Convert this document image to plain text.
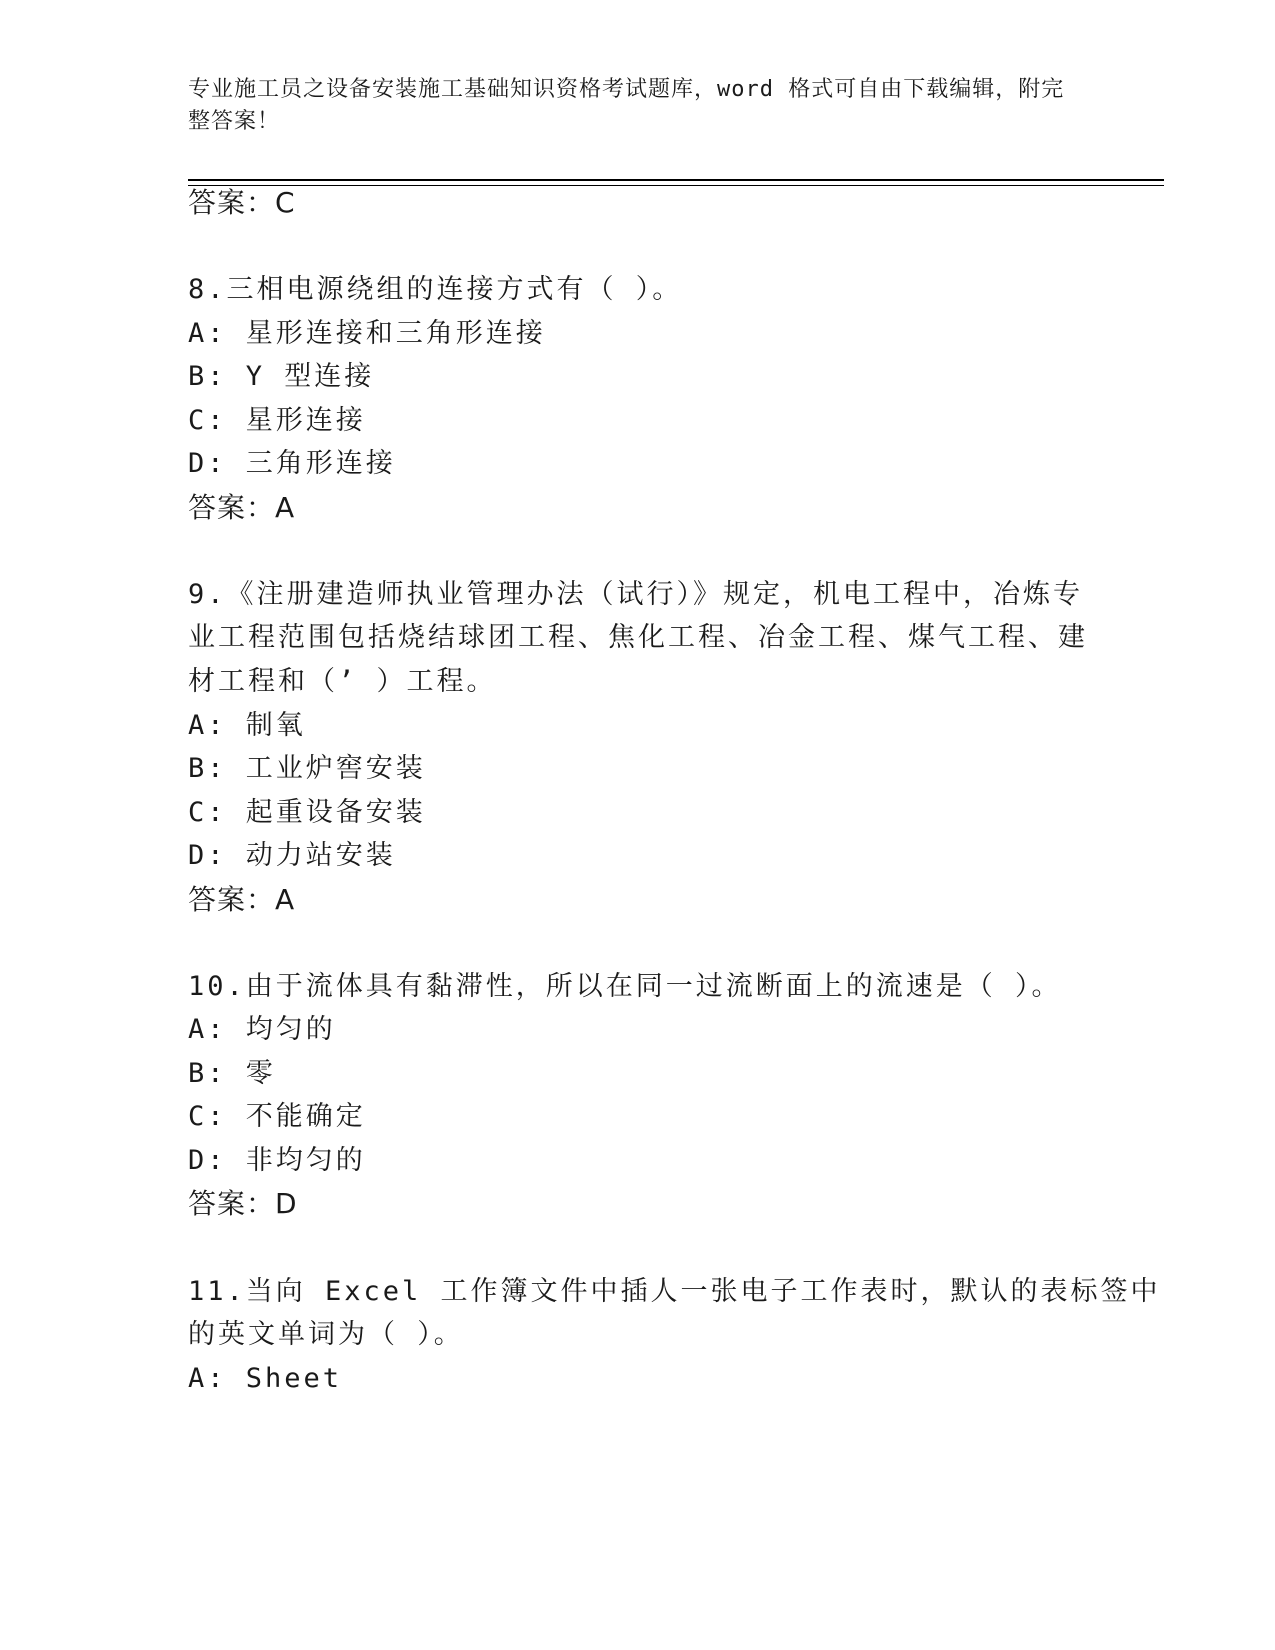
专业施工员之设备安装施工基础知识资格考试题库，word 格式可自由下载编辑，附完整答案！
答案：C
8.三相电源绕组的连接方式有（ ）。
A: 星形连接和三角形连接
B: Y 型连接
C: 星形连接
D: 三角形连接
答案：A
9.《注册建造师执业管理办法（试行）》规定，机电工程中，冶炼专
业工程范围包括烧结球团工程、焦化工程、冶金工程、煤气工程、建
材工程和（’ ）工程。
A: 制氧
B: 工业炉窖安装
C: 起重设备安装
D: 动力站安装
答案：A
10.由于流体具有黏滞性，所以在同一过流断面上的流速是（ ）。
A: 均匀的
B: 零
C: 不能确定
D: 非均匀的
答案：D
11.当向 Excel 工作簿文件中插人一张电子工作表时，默认的表标签中
的英文单词为（ ）。
A: Sheet
